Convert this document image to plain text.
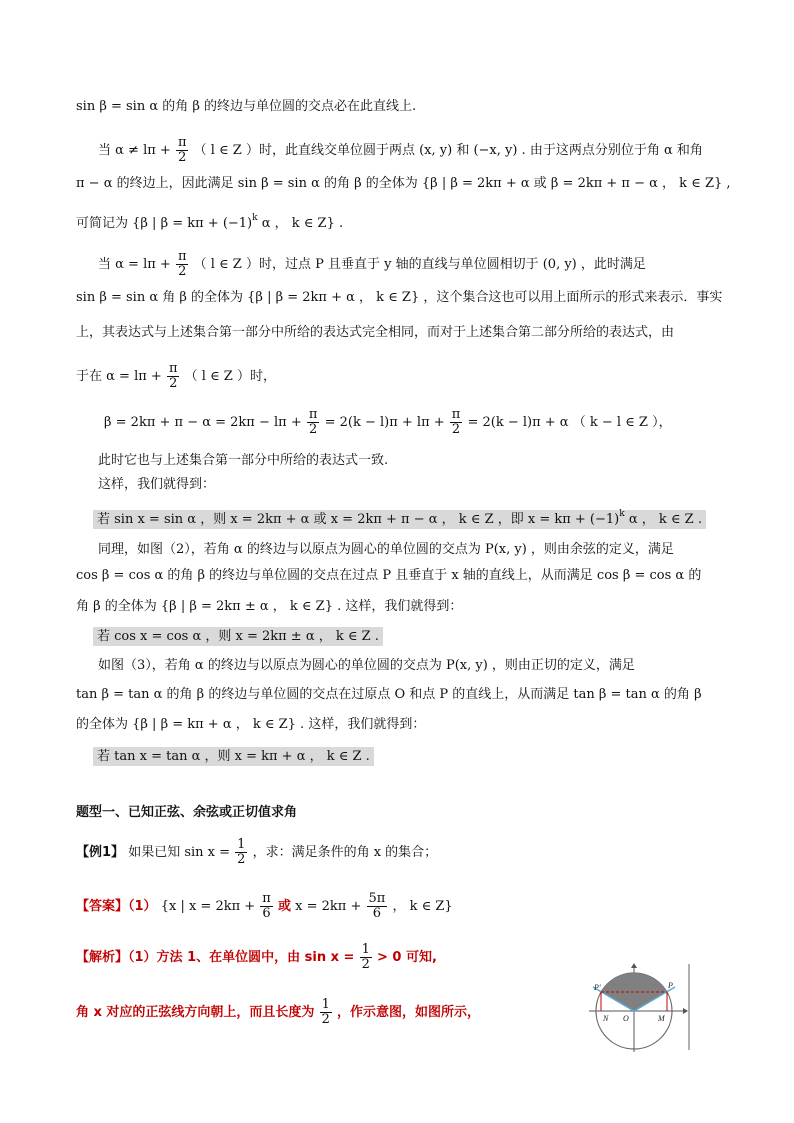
sin β = sin α 的角 β 的终边与单位圆的交点必在此直线上.
当 $\alpha \ne l\pi + \frac{\pi}{2}$ （ l ∈ Z ）时，此直线交单位圆于两点 (x, y) 和 (−x, y) . 由于这两点分别位于角 α 和角
π − α 的终边上，因此满足 sin β = sin α 的角 β 的全体为 {β | β = 2kπ + α 或 β = 2kπ + π − α ， k ∈ Z} ,
可简记为 {β | $\beta = k\pi + (-1)^k$ α ， k ∈ Z} .
当 $\alpha = l\pi + \frac{\pi}{2}$ （ l ∈ Z ）时，过点 P 且垂直于 y 轴的直线与单位圆相切于 (0, y) ，此时满足
sin β = sin α 角 β 的全体为 {β | β = 2kπ + α ， k ∈ Z} ，这个集合这也可以用上面所示的形式来表示．事实
上，其表达式与上述集合第一部分中所给的表达式完全相同，而对于上述集合第二部分所给的表达式，由
于在 $\alpha = l\pi + \frac{\pi}{2}$ （ l ∈ Z ）时，
$\beta = 2k\pi + \pi - \alpha = 2k\pi - l\pi + \frac{\pi}{2} = 2(k - l)\pi + l\pi + \frac{\pi}{2} = 2(k - l)\pi + \alpha$ （ k − l ∈ Z ），
此时它也与上述集合第一部分中所给的表达式一致.
这样，我们就得到：
若 sin x = sin α ，则 x = 2kπ + α 或 x = 2kπ + π − α ， k ∈ Z ，即 $x = k\pi + (-1)^k$ α ， k ∈ Z .
同理，如图（2），若角 α 的终边与以原点为圆心的单位圆的交点为 P(x, y) ，则由余弦的定义，满足
cos β = cos α 的角 β 的终边与单位圆的交点在过点 P 且垂直于 x 轴的直线上，从而满足 cos β = cos α 的
角 β 的全体为 {β | β = 2kπ ± α ， k ∈ Z} . 这样，我们就得到：
若 cos x = cos α ，则 x = 2kπ ± α ， k ∈ Z .
如图（3），若角 α 的终边与以原点为圆心的单位圆的交点为 P(x, y) ，则由正切的定义，满足
tan β = tan α 的角 β 的终边与单位圆的交点在过原点 O 和点 P 的直线上，从而满足 tan β = tan α 的角 β
的全体为 {β | β = kπ + α ， k ∈ Z} . 这样，我们就得到：
若 tan x = tan α ，则 x = kπ + α ， k ∈ Z .
题型一、已知正弦、余弦或正切值求角
【例1】 如果已知 $\sin x = \frac{1}{2}$ ，求：满足条件的角 x 的集合；
【答案】（1） {x | $x = 2k\pi + \frac{\pi}{6}$ 或 $x = 2k\pi + \frac{5\pi}{6}$ ， k ∈ Z}
【解析】（1）方法 1、在单位圆中，由 $\sin x = \frac{1}{2} > 0$ 可知,
角 x 对应的正弦线方向朝上，而且长度为 $\frac{1}{2}$ ，作示意图，如图所示，
P'	P
N O	M
